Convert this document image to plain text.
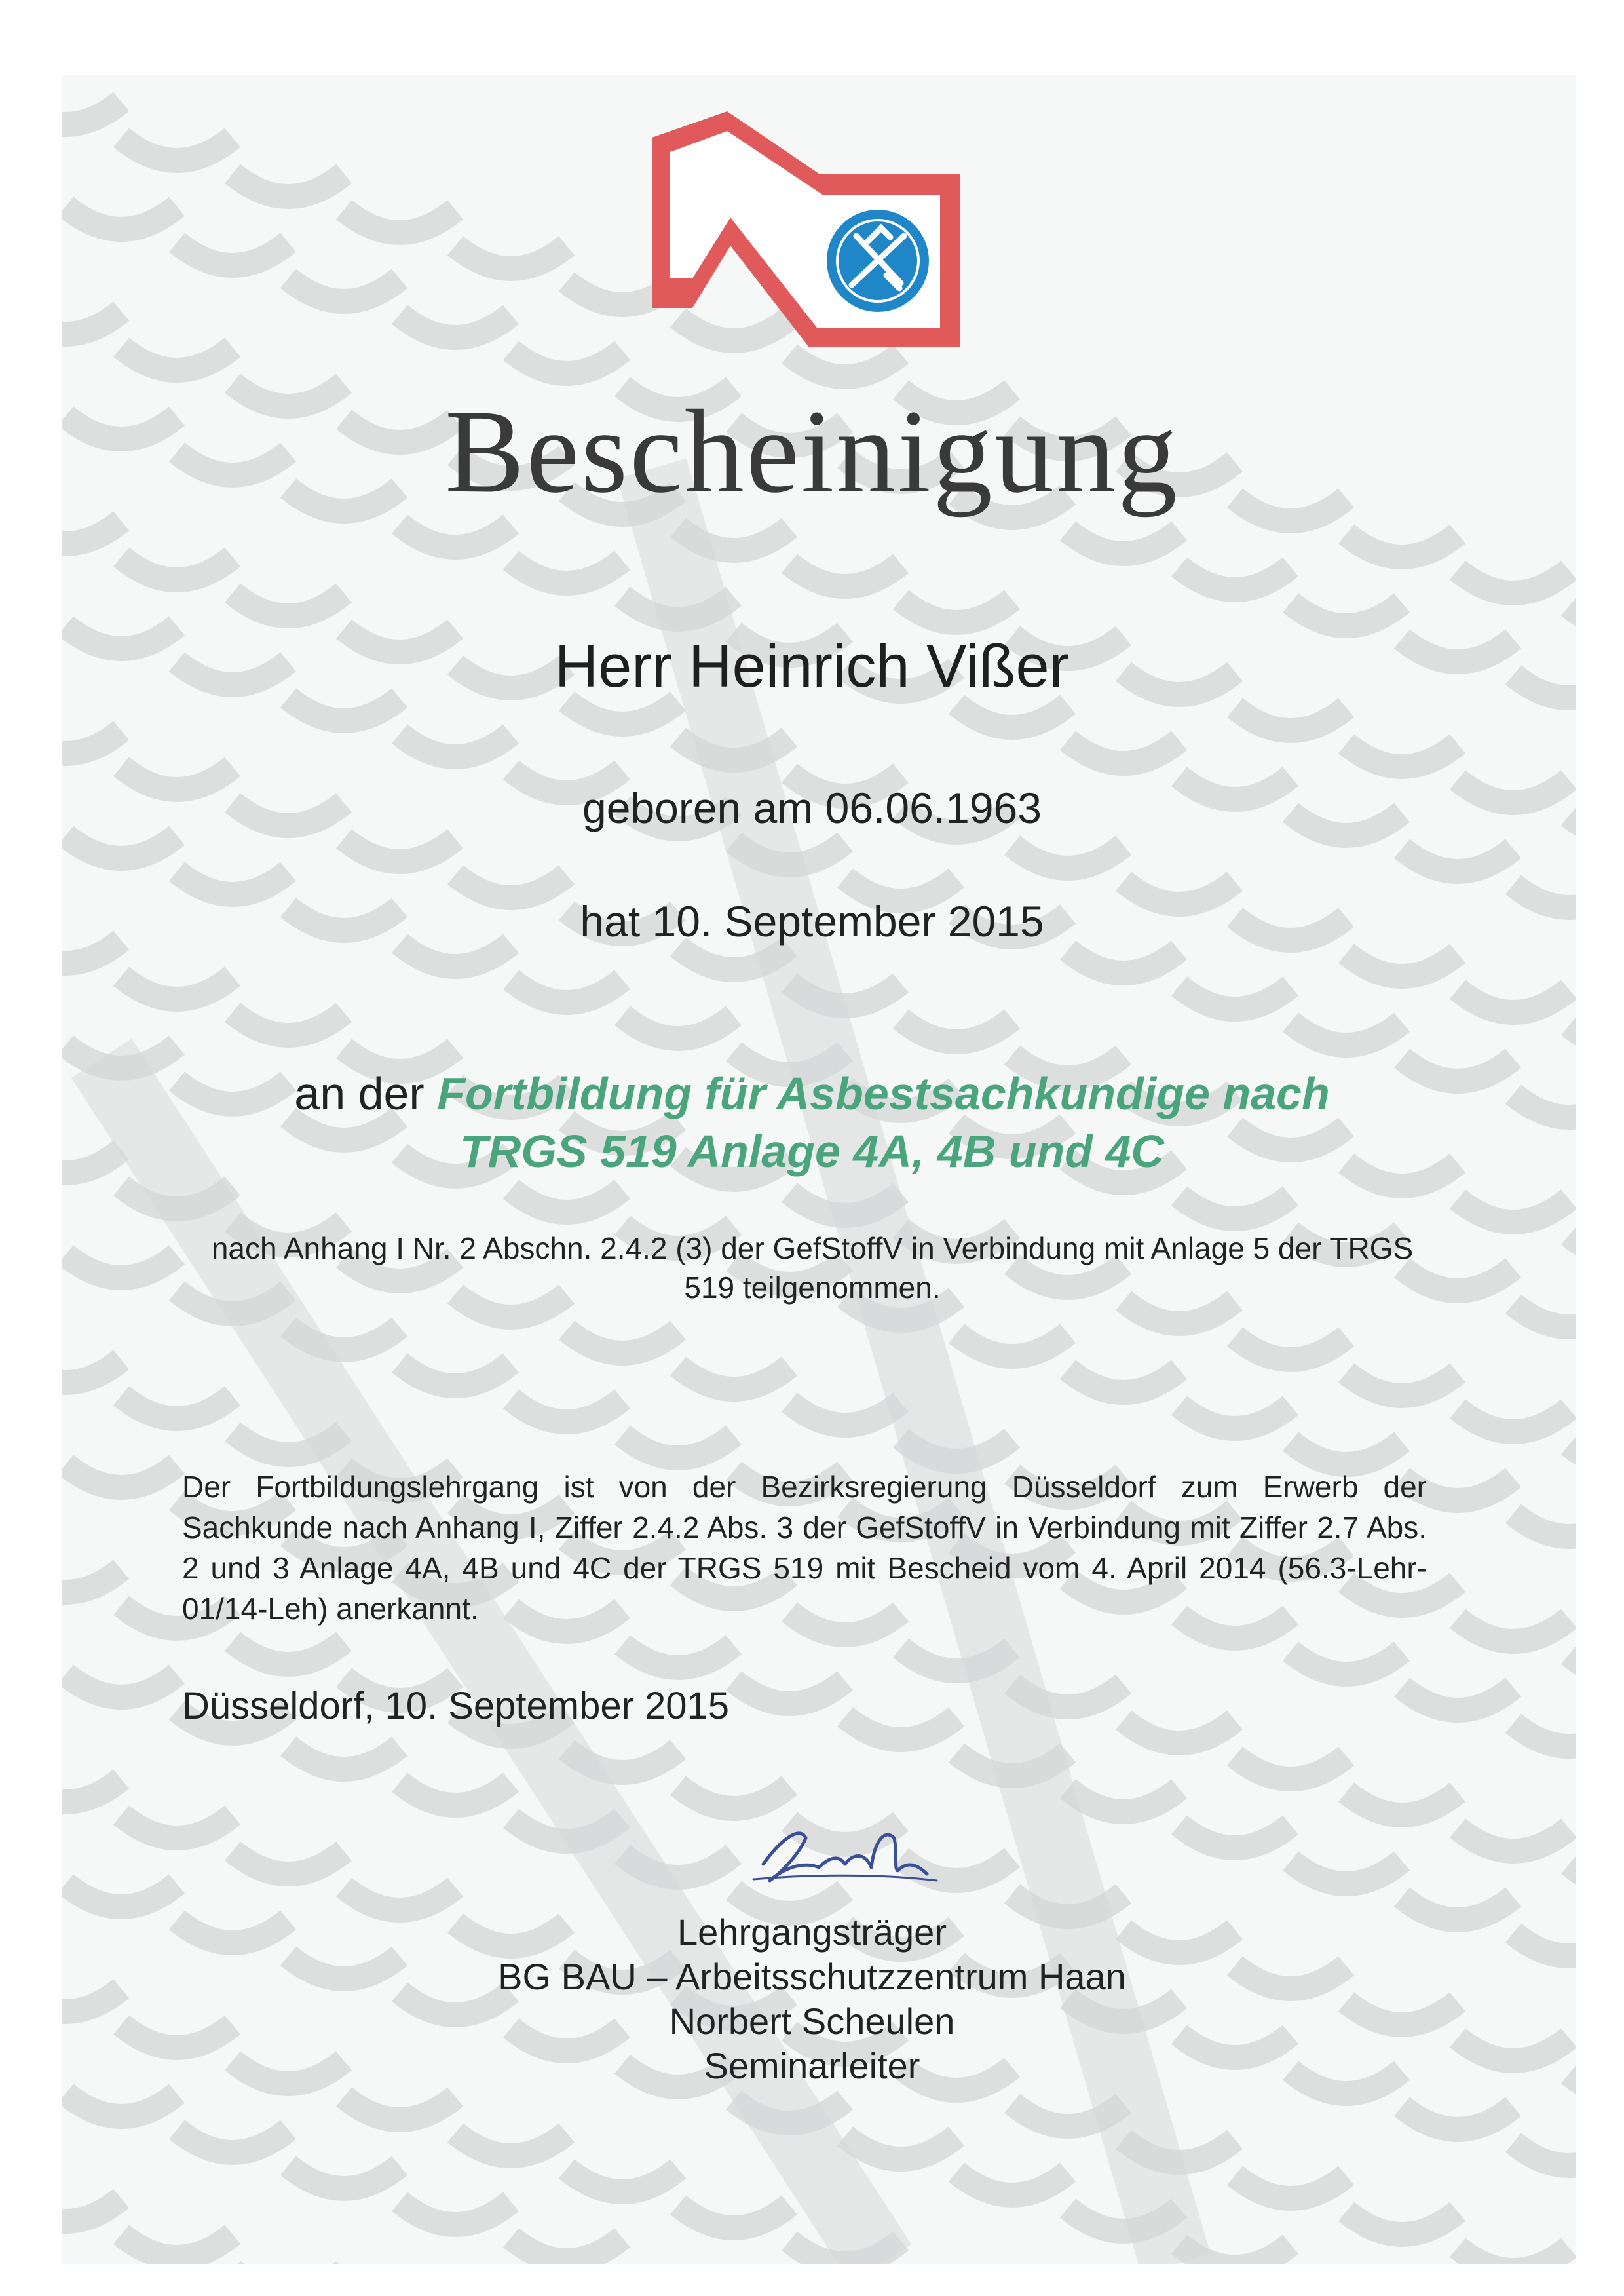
Bescheinigung
Herr Heinrich Vißer
geboren am 06.06.1963
hat 10. September 2015
an der Fortbildung für Asbestsachkundige nach
TRGS 519 Anlage 4A, 4B und 4C
nach Anhang I Nr. 2 Abschn. 2.4.2 (3) der GefStoffV in Verbindung mit Anlage 5 der TRGS 519 teilgenommen.
Der Fortbildungslehrgang ist von der Bezirksregierung Düsseldorf zum Erwerb der Sachkunde nach Anhang I, Ziffer 2.4.2 Abs. 3 der GefStoffV in Verbindung mit Ziffer 2.7 Abs. 2 und 3 Anlage 4A, 4B und 4C der TRGS 519 mit Bescheid vom 4. April 2014 (56.3-Lehr-01/14-Leh) anerkannt.
Düsseldorf, 10. September 2015
Lehrgangsträger
BG BAU – Arbeitsschutzzentrum Haan
Norbert Scheulen
Seminarleiter
